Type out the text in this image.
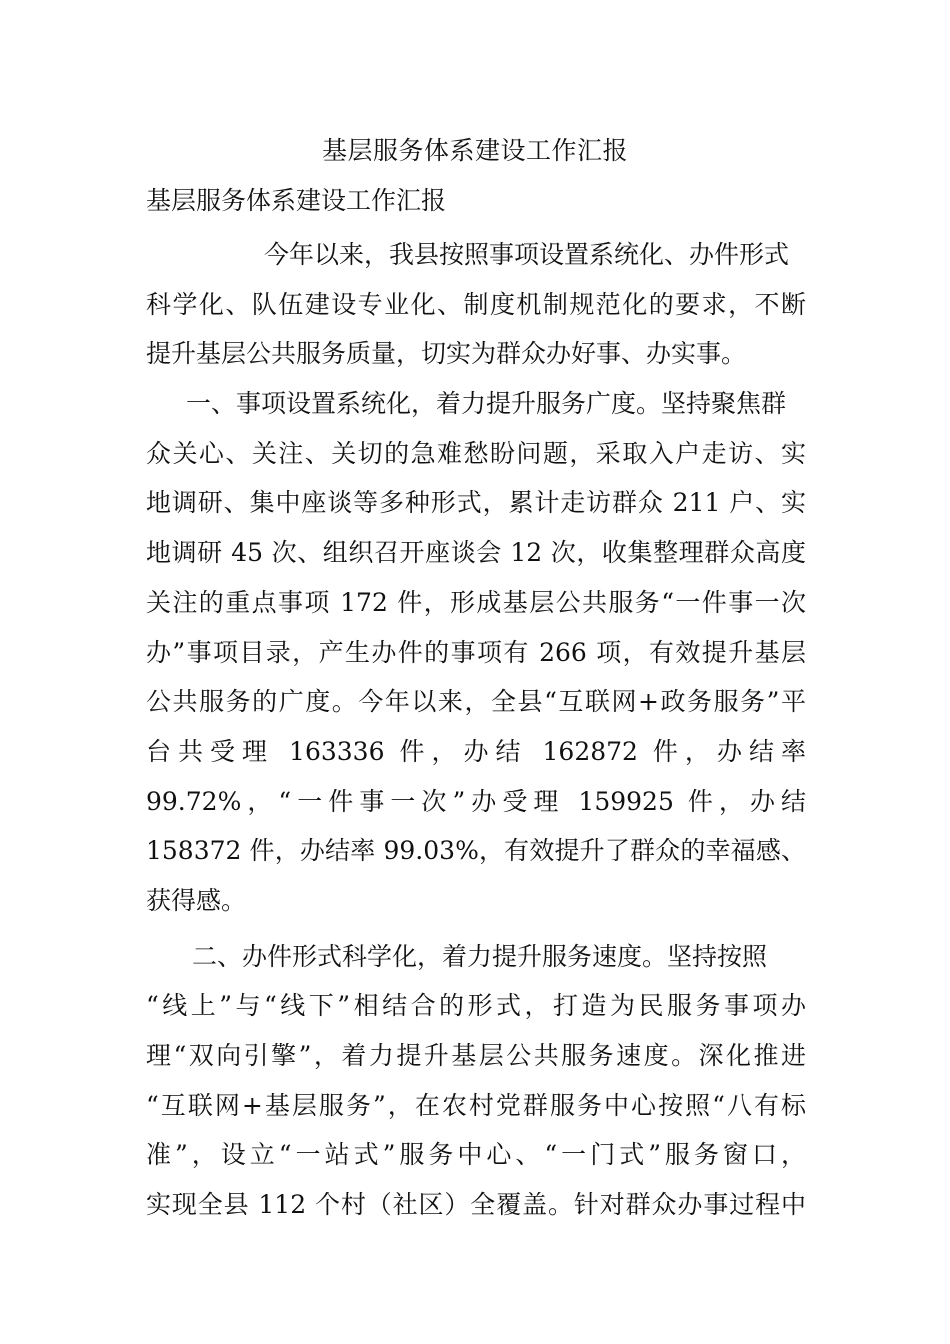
基层服务体系建设工作汇报
基层服务体系建设工作汇报
今年以来，我县按照事项设置系统化、办件形式
科学化、队伍建设专业化、制度机制规范化的要求，不断
提升基层公共服务质量，切实为群众办好事、办实事。
一、事项设置系统化，着力提升服务广度。坚持聚焦群
众关心、关注、关切的急难愁盼问题，采取入户走访、实
地调研、集中座谈等多种形式，累计走访群众 211 户、实
地调研 45 次、组织召开座谈会 12 次，收集整理群众高度
关注的重点事项 172 件，形成基层公共服务“一件事一次
办”事项目录，产生办件的事项有 266 项，有效提升基层
公共服务的广度。今年以来，全县“互联网+政务服务”平
台共受理 163336 件，办结 162872 件，办结率
99.72%，“一件事一次”办受理 159925 件，办结
158372 件，办结率 99.03%，有效提升了群众的幸福感、
获得感。
二、办件形式科学化，着力提升服务速度。坚持按照
“线上”与“线下”相结合的形式，打造为民服务事项办
理“双向引擎”，着力提升基层公共服务速度。深化推进
“互联网+基层服务”，在农村党群服务中心按照“八有标
准”，设立“一站式”服务中心、“一门式”服务窗口，
实现全县 112 个村（社区）全覆盖。针对群众办事过程中
